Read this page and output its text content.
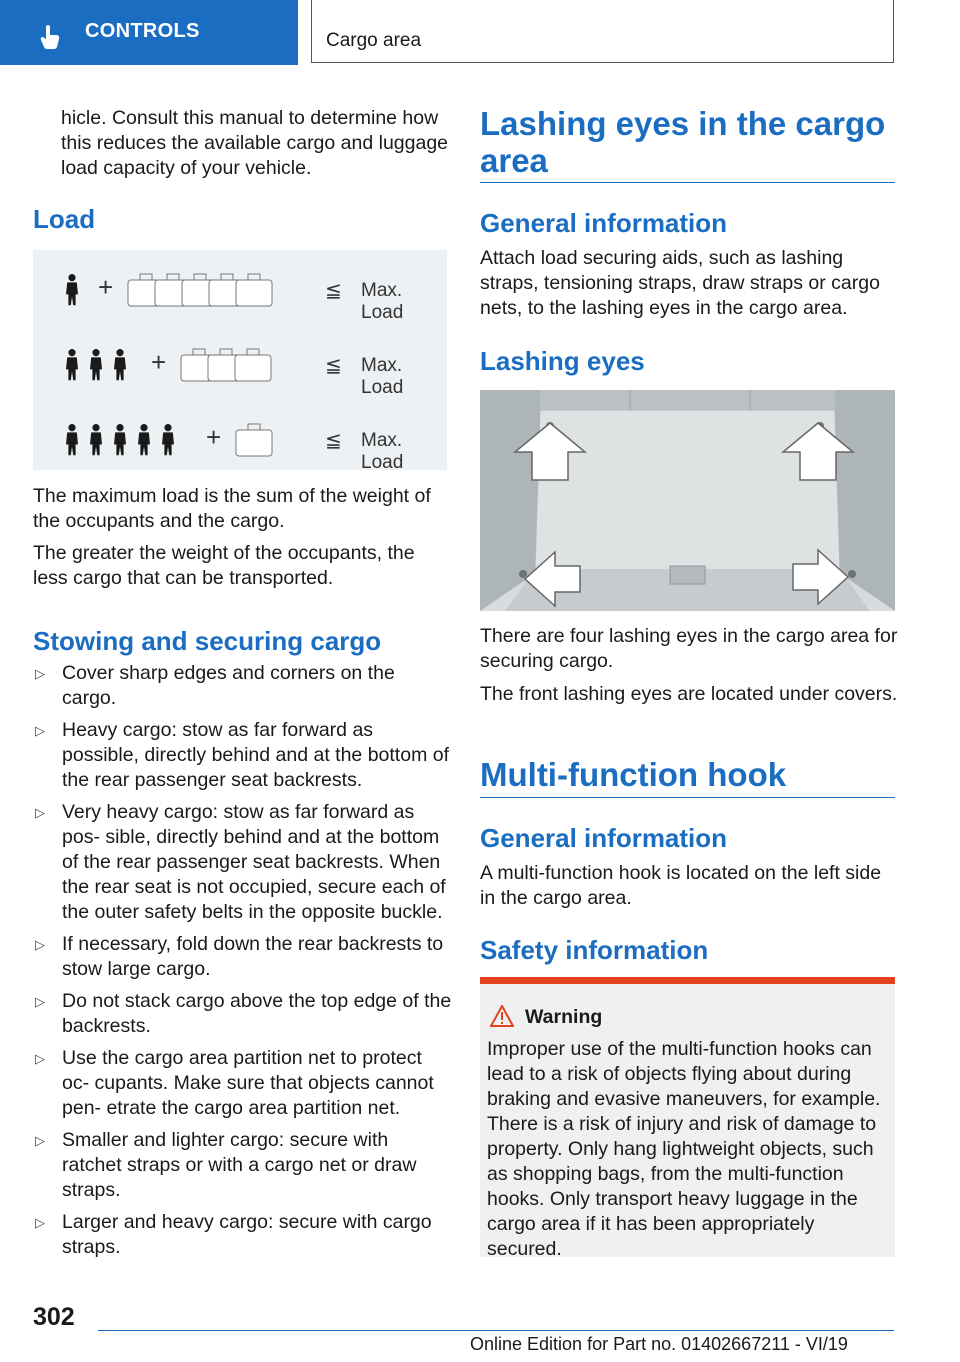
CONTROLS	Cargo area
hicle. Consult this manual to determine how this reduces the available cargo and luggage load capacity of your vehicle.
Load
+	≦ Max. Load
+	≦ Max. Load
+	≦ Max. Load
The maximum load is the sum of the weight of the occupants and the cargo.
The greater the weight of the occupants, the less cargo that can be transported.
Stowing and securing cargo
▷ Cover sharp edges and corners on the cargo.
▷ Heavy cargo: stow as far forward as possible, directly behind and at the bottom of the rear passenger seat backrests.
▷ Very heavy cargo: stow as far forward as pos‐ sible, directly behind and at the bottom of the rear passenger seat backrests. When the rear seat is not occupied, secure each of the outer safety belts in the opposite buckle.
▷ If necessary, fold down the rear backrests to stow large cargo.
▷ Do not stack cargo above the top edge of the backrests.
▷ Use the cargo area partition net to protect oc‐ cupants. Make sure that objects cannot pen‐ etrate the cargo area partition net.
▷ Smaller and lighter cargo: secure with ratchet straps or with a cargo net or draw straps.
▷ Larger and heavy cargo: secure with cargo straps.
Lashing eyes in the cargo area
General information
Attach load securing aids, such as lashing straps, tensioning straps, draw straps or cargo nets, to the lashing eyes in the cargo area.
Lashing eyes
There are four lashing eyes in the cargo area for securing cargo.
The front lashing eyes are located under covers.
Multi-function hook
General information
A multi-function hook is located on the left side in the cargo area.
Safety information
Warning
Improper use of the multi-function hooks can lead to a risk of objects flying about during braking and evasive maneuvers, for example. There is a risk of injury and risk of damage to property. Only hang lightweight objects, such as shopping bags, from the multi-function hooks. Only transport heavy luggage in the cargo area if it has been appropriately secured.
302
Online Edition for Part no. 01402667211 - VI/19
